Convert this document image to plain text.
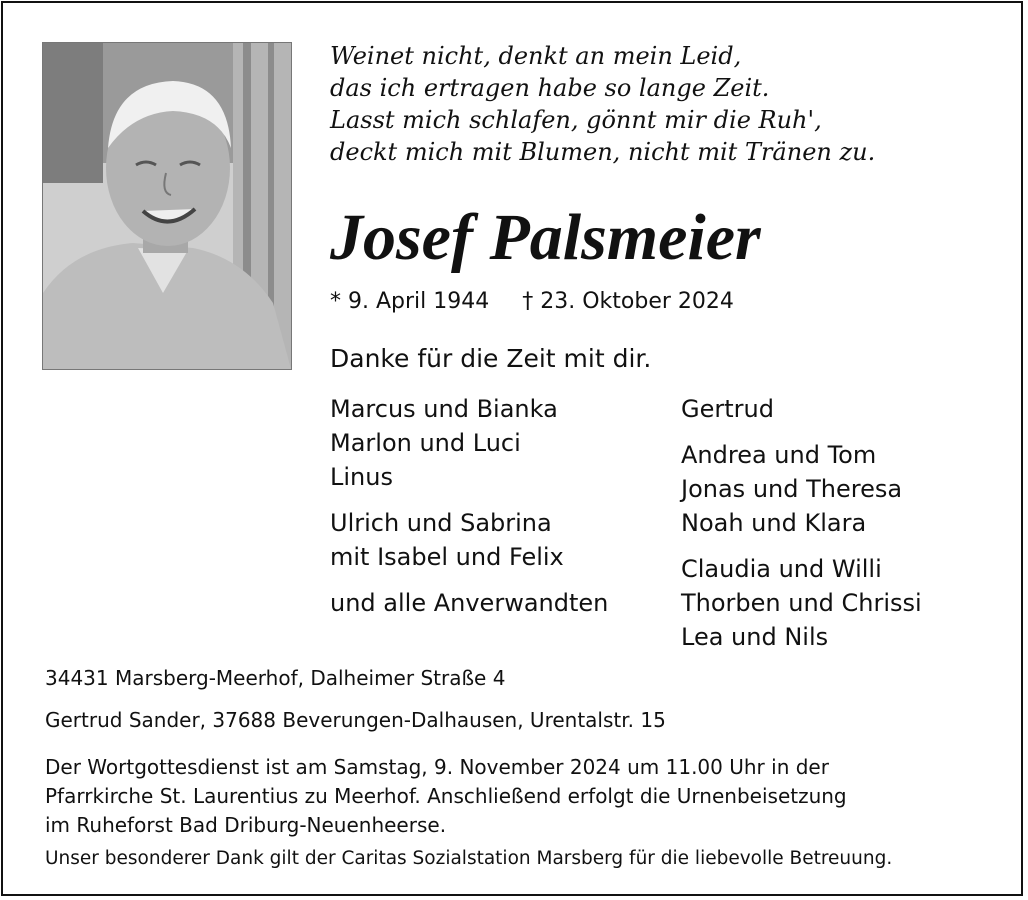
Weinet nicht, denkt an mein Leid,
das ich ertragen habe so lange Zeit.
Lasst mich schlafen, gönnt mir die Ruh',
deckt mich mit Blumen, nicht mit Tränen zu.
Josef Palsmeier
* 9. April 1944 † 23. Oktober 2024
Danke für die Zeit mit dir.
Marcus und Bianka
Marlon und Luci
Linus
Ulrich und Sabrina
mit Isabel und Felix
und alle Anverwandten
Gertrud
Andrea und Tom
Jonas und Theresa
Noah und Klara
Claudia und Willi
Thorben und Chrissi
Lea und Nils
34431 Marsberg-Meerhof, Dalheimer Straße 4
Gertrud Sander, 37688 Beverungen-Dalhausen, Urentalstr. 15
Der Wortgottesdienst ist am Samstag, 9. November 2024 um 11.00 Uhr in der
Pfarrkirche St. Laurentius zu Meerhof. Anschließend erfolgt die Urnenbeisetzung
im Ruheforst Bad Driburg-Neuenheerse.
Unser besonderer Dank gilt der Caritas Sozialstation Marsberg für die liebevolle Betreuung.
